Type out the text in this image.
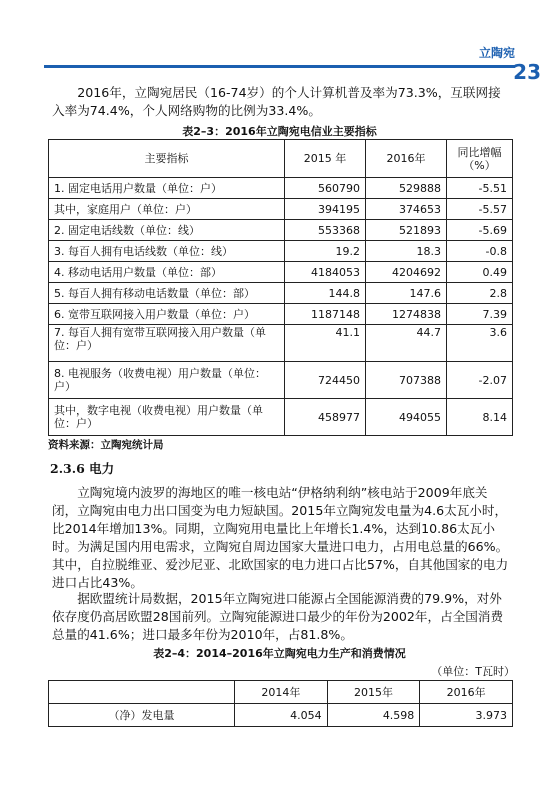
立陶宛
23

2016年，立陶宛居民（16-74岁）的个人计算机普及率为73.3%，互联网接入率为74.4%，个人网络购物的比例为33.4%。

表2–3：2016年立陶宛电信业主要指标
主要指标	2015 年	2016年	同比增幅（%）
1. 固定电话用户数量（单位：户）	560790	529888	-5.51
其中，家庭用户（单位：户）	394195	374653	-5.57
2. 固定电话线数（单位：线）	553368	521893	-5.69
3. 每百人拥有电话线数（单位：线）	19.2	18.3	-0.8
4. 移动电话用户数量（单位：部）	4184053	4204692	0.49
5. 每百人拥有移动电话数量（单位：部）	144.8	147.6	2.8
6. 宽带互联网接入用户数量（单位：户）	1187148	1274838	7.39
7. 每百人拥有宽带互联网接入用户数量（单位：户）	41.1	44.7	3.6
8. 电视服务（收费电视）用户数量（单位：户）	724450	707388	-2.07
其中，数字电视（收费电视）用户数量（单位：户）	458977	494055	8.14
资料来源：立陶宛统计局
2.3.6 电力

立陶宛境内波罗的海地区的唯一核电站“伊格纳利纳”核电站于2009年底关闭，立陶宛由电力出口国变为电力短缺国。2015年立陶宛发电量为4.6太瓦小时，比2014年增加13%。同期，立陶宛用电量比上年增长1.4%，达到10.86太瓦小时。为满足国内用电需求，立陶宛自周边国家大量进口电力，占用电总量的66%。其中，自拉脱维亚、爱沙尼亚、北欧国家的电力进口占比57%，自其他国家的电力进口占比43%。

据欧盟统计局数据，2015年立陶宛进口能源占全国能源消费的79.9%，对外依存度仍高居欧盟28国前列。立陶宛能源进口最少的年份为2002年，占全国消费总量的41.6%；进口最多年份为2010年，占81.8%。

表2–4：2014–2016年立陶宛电力生产和消费情况
（单位：T瓦时）
	2014年	2015年	2016年
（净）发电量	4.054	4.598	3.973
